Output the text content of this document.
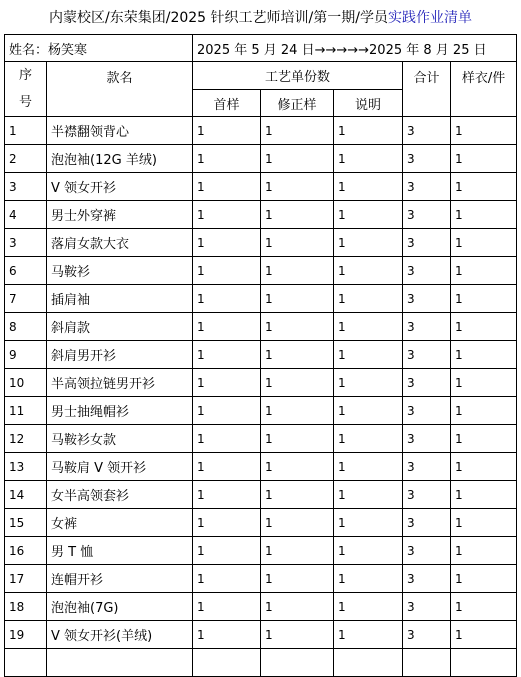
内蒙校区/东荣集团/2025 针织工艺师培训/第一期/学员 实践作业清单
姓名：杨笑寒		2025 年 5 月 24 日→→→→→2025 年 8 月 25 日				

序
号	款名	工艺单份数			合计	样衣/件
		首样	修正样	说明		
1	半襟翻领背心	1	1	1	3	1
2	泡泡袖(12G 羊绒)	1	1	1	3	1
3	V 领女开衫	1	1	1	3	1
4	男士外穿裤	1	1	1	3	1
3	落肩女款大衣	1	1	1	3	1
6	马鞍衫	1	1	1	3	1
7	插肩袖	1	1	1	3	1
8	斜肩款	1	1	1	3	1
9	斜肩男开衫	1	1	1	3	1
10	半高领拉链男开衫	1	1	1	3	1
11	男士抽绳帽衫	1	1	1	3	1
12	马鞍衫女款	1	1	1	3	1
13	马鞍肩 V 领开衫	1	1	1	3	1
14	女半高领套衫	1	1	1	3	1
15	女裤	1	1	1	3	1
16	男 T 恤	1	1	1	3	1
17	连帽开衫	1	1	1	3	1
18	泡泡袖(7G)	1	1	1	3	1
19	V 领女开衫(羊绒)	1	1	1	3	1
